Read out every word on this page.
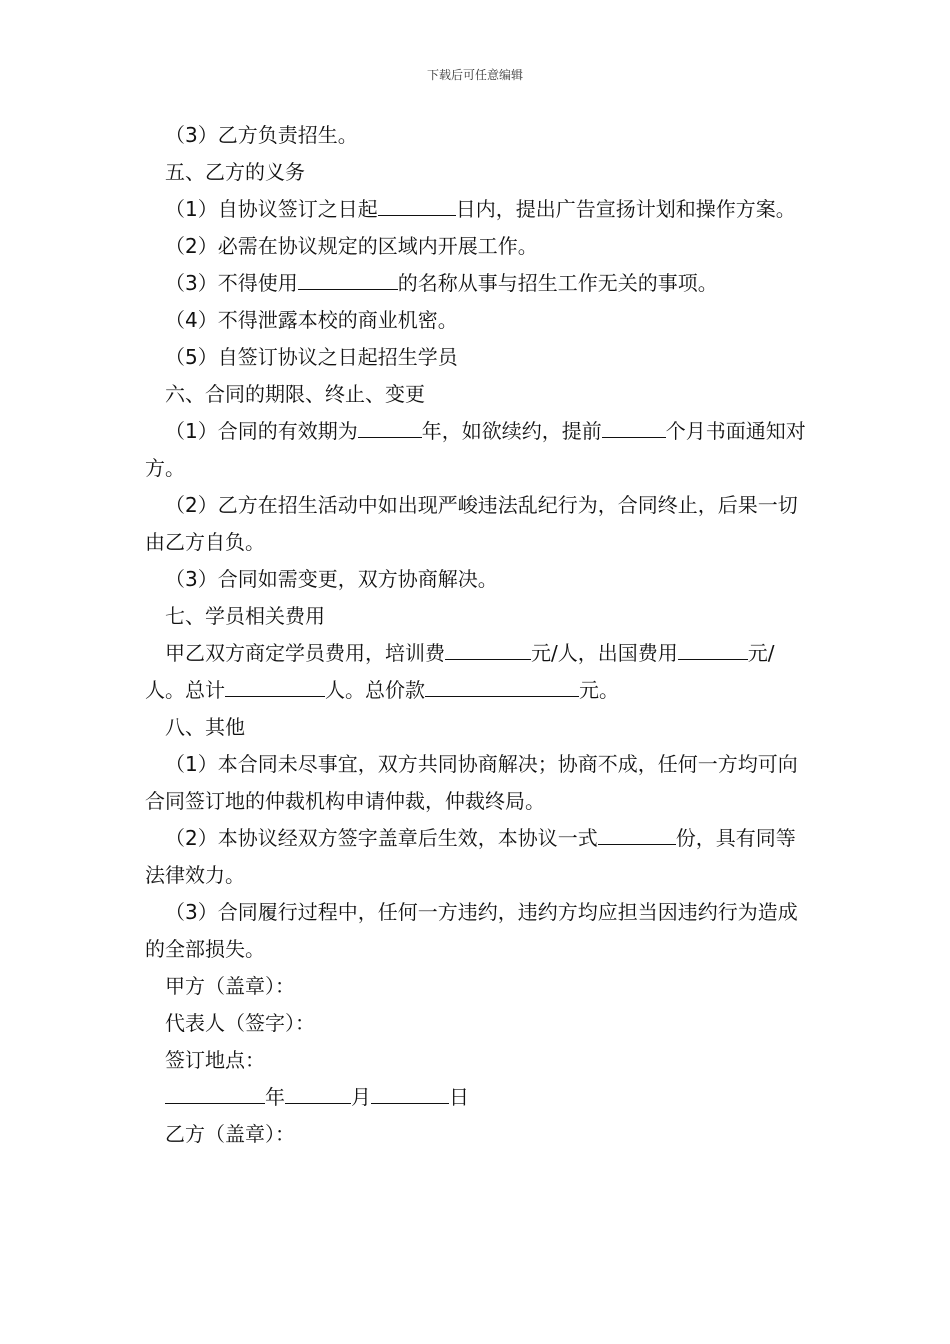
下载后可任意编辑

（3）乙方负责招生。

五、乙方的义务

（1）自协议签订之日起	日内，提出广告宣扬计划和操作方案。

（2）必需在协议规定的区域内开展工作。

（3）不得使用	的名称从事与招生工作无关的事项。

（4）不得泄露本校的商业机密。

（5）自签订协议之日起招生学员

六、合同的期限、终止、变更

（1）合同的有效期为	年，如欲续约，提前	个月书面通知对方。

（2）乙方在招生活动中如出现严峻违法乱纪行为，合同终止，后果一切由乙方自负。

（3）合同如需变更，双方协商解决。

七、学员相关费用

甲乙双方商定学员费用，培训费	元/人，出国费用	元/人。总计	人。总价款	元。

八、其他

（1）本合同未尽事宜，双方共同协商解决；协商不成，任何一方均可向合同签订地的仲裁机构申请仲裁，仲裁终局。

（2）本协议经双方签字盖章后生效，本协议一式	份，具有同等法律效力。

（3）合同履行过程中，任何一方违约，违约方均应担当因违约行为造成的全部损失。

甲方（盖章）：

代表人（签字）：

签订地点：

年	月	日

乙方（盖章）：
